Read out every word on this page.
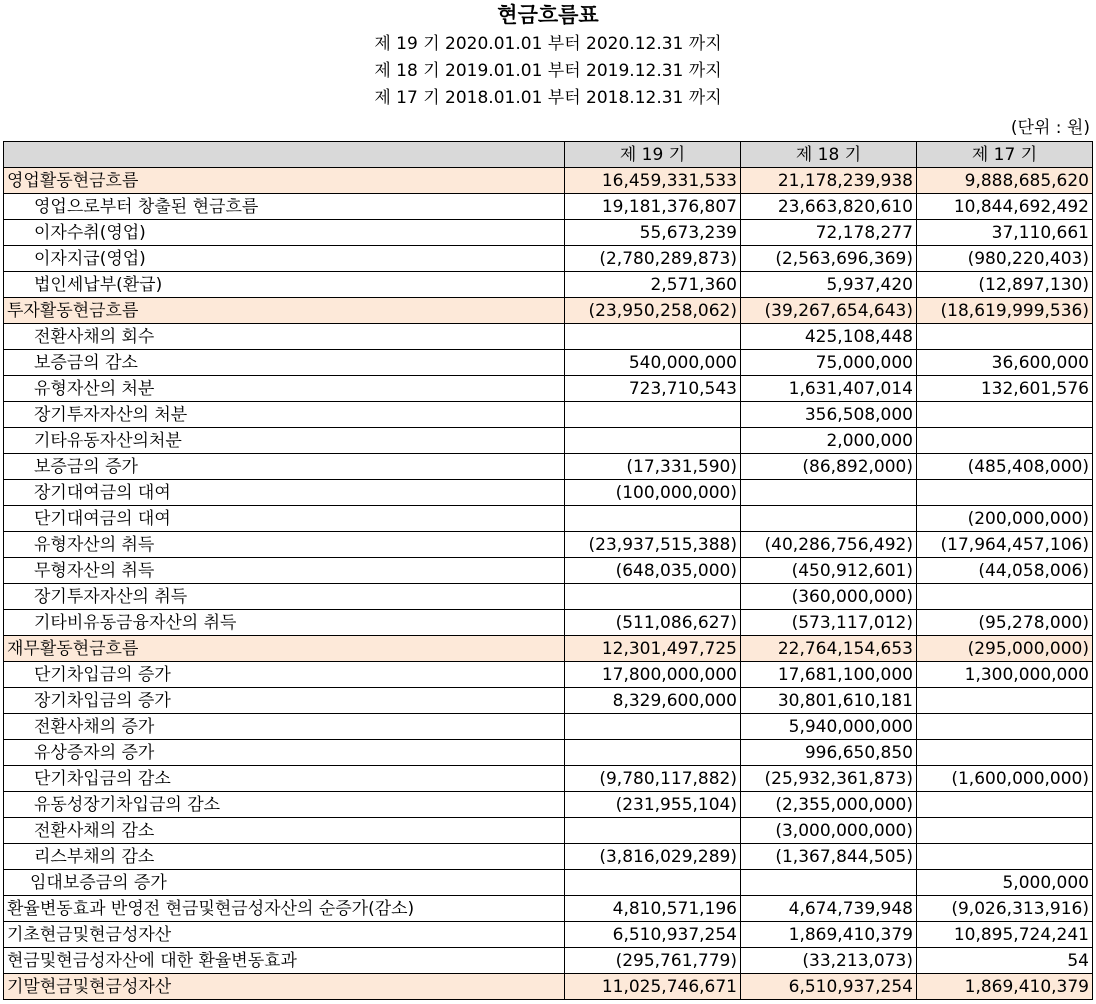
현금흐름표
제 19 기 2020.01.01 부터 2020.12.31 까지
제 18 기 2019.01.01 부터 2019.12.31 까지
제 17 기 2018.01.01 부터 2018.12.31 까지
(단위 : 원)
	제 19 기	제 18 기	제 17 기
영업활동현금흐름	16,459,331,533	21,178,239,938	9,888,685,620
영업으로부터 창출된 현금흐름	19,181,376,807	23,663,820,610	10,844,692,492
이자수취(영업)	55,673,239	72,178,277	37,110,661
이자지급(영업)	(2,780,289,873)	(2,563,696,369)	(980,220,403)
법인세납부(환급)	2,571,360	5,937,420	(12,897,130)
투자활동현금흐름	(23,950,258,062)	(39,267,654,643)	(18,619,999,536)
전환사채의 회수		425,108,448	
보증금의 감소	540,000,000	75,000,000	36,600,000
유형자산의 처분	723,710,543	1,631,407,014	132,601,576
장기투자자산의 처분		356,508,000	
기타유동자산의처분		2,000,000	
보증금의 증가	(17,331,590)	(86,892,000)	(485,408,000)
장기대여금의 대여	(100,000,000)		
단기대여금의 대여			(200,000,000)
유형자산의 취득	(23,937,515,388)	(40,286,756,492)	(17,964,457,106)
무형자산의 취득	(648,035,000)	(450,912,601)	(44,058,006)
장기투자자산의 취득		(360,000,000)	
기타비유동금융자산의 취득	(511,086,627)	(573,117,012)	(95,278,000)
재무활동현금흐름	12,301,497,725	22,764,154,653	(295,000,000)
단기차입금의 증가	17,800,000,000	17,681,100,000	1,300,000,000
장기차입금의 증가	8,329,600,000	30,801,610,181	
전환사채의 증가		5,940,000,000	
유상증자의 증가		996,650,850	
단기차입금의 감소	(9,780,117,882)	(25,932,361,873)	(1,600,000,000)
유동성장기차입금의 감소	(231,955,104)	(2,355,000,000)	
전환사채의 감소		(3,000,000,000)	
리스부채의 감소	(3,816,029,289)	(1,367,844,505)	
임대보증금의 증가			5,000,000
환율변동효과 반영전 현금및현금성자산의 순증가(감소)	4,810,571,196	4,674,739,948	(9,026,313,916)
기초현금및현금성자산	6,510,937,254	1,869,410,379	10,895,724,241
현금및현금성자산에 대한 환율변동효과	(295,761,779)	(33,213,073)	54
기말현금및현금성자산	11,025,746,671	6,510,937,254	1,869,410,379
